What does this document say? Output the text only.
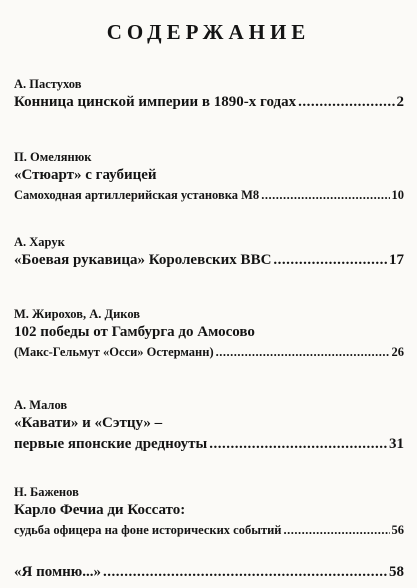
СОДЕРЖАНИЕ
А. Пастухов
Конница цинской империи в 1890-х годах .....	2
П. Омелянюк
«Стюарт» с гаубицей
Самоходная артиллерийская установка М8 .....	10
А. Харук
«Боевая рукавица» Королевских ВВС .....	17
М. Жирохов, А. Диков
102 победы от Гамбурга до Амосово
(Макс-Гельмут «Осси» Остерманн) .....	26
А. Малов
«Кавати» и «Сэтцу» –
первые японские дредноуты .....	31
Н. Баженов
Карло Фечиа ди Коссато:
судьба офицера на фоне исторических событий .....	56
«Я помню...» .....	58
